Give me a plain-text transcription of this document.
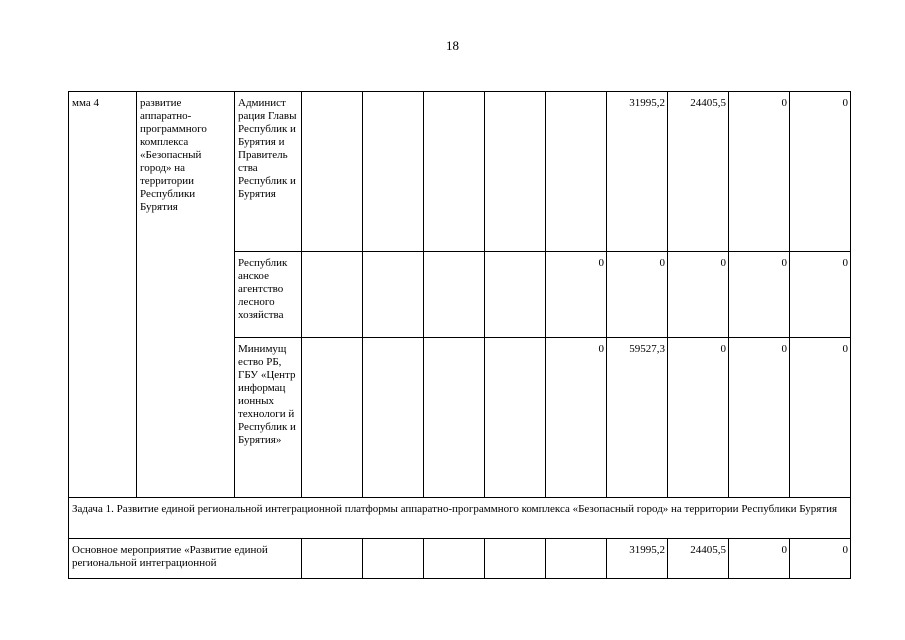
18
мма 4	развитие аппаратно-программного комплекса «Безопасный город» на территории Республики Бурятия	Админист рация Главы Республик и Бурятия и Правитель ства Республик и Бурятия						31995,2	24405,5	0	0
		Республик анское агентство лесного хозяйства					0	0	0	0	0
		Минимущ ество РБ, ГБУ «Центр информац ионных технологи й Республик и Бурятия»					0	59527,3	0	0	0
Задача 1. Развитие единой региональной интеграционной платформы аппаратно-программного комплекса «Безопасный город» на территории Республики Бурятия											
Основное мероприятие «Развитие единой региональной интеграционной								31995,2	24405,5	0	0
